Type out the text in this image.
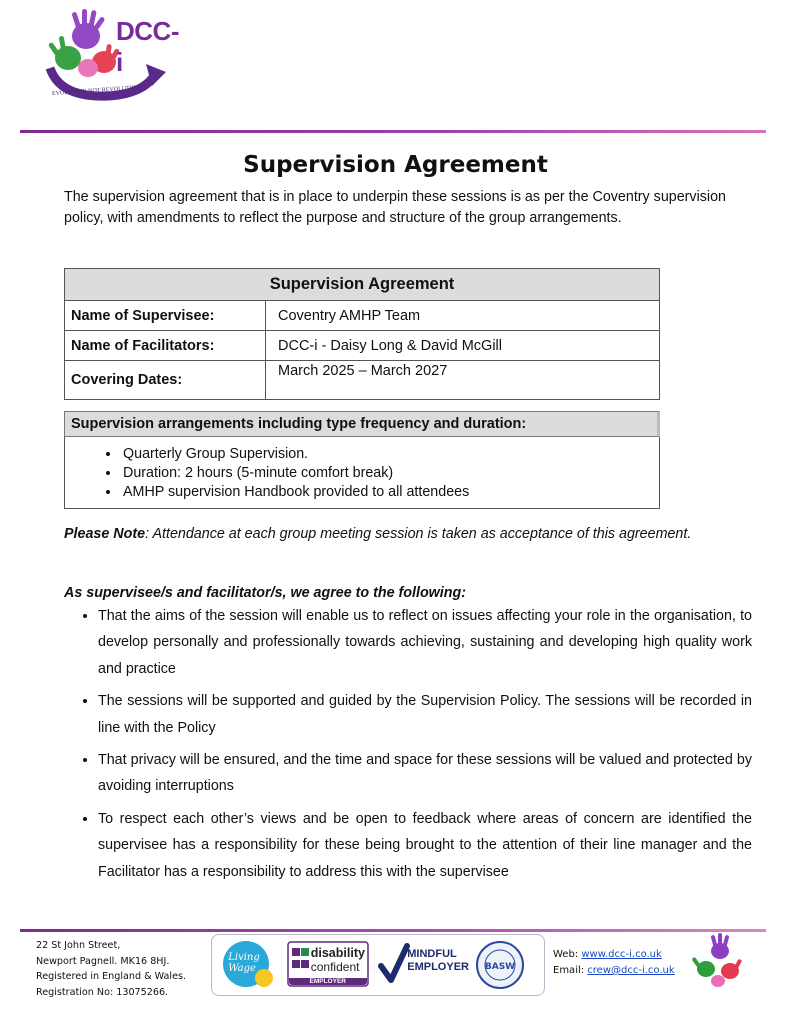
DCC-i
EVOLUTION NOT REVOLUTION
Supervision Agreement
The supervision agreement that is in place to underpin these sessions is as per the Coventry supervision policy, with amendments to reflect the purpose and structure of the group arrangements.
Supervision Agreement	
Name of Supervisee:	Coventry AMHP Team
Name of Facilitators:	DCC-i - Daisy Long & David McGill
Covering Dates:	March 2025 – March 2027
Supervision arrangements including type frequency and duration:
• Quarterly Group Supervision.
• Duration: 2 hours (5-minute comfort break)
• AMHP supervision Handbook provided to all attendees
Please Note: Attendance at each group meeting session is taken as acceptance of this agreement.
As supervisee/s and facilitator/s, we agree to the following:
• That the aims of the session will enable us to reflect on issues affecting your role in the organisation, to develop personally and professionally towards achieving, sustaining and developing high quality work and practice
• The sessions will be supported and guided by the Supervision Policy. The sessions will be recorded in line with the Policy
• That privacy will be ensured, and the time and space for these sessions will be valued and protected by avoiding interruptions
• To respect each other’s views and be open to feedback where areas of concern are identified the supervisee has a responsibility for these being brought to the attention of their line manager and the Facilitator has a responsibility to address this with the supervisee
22 St John Street,
Newport Pagnell. MK16 8HJ.
Registered in England & Wales.
Registration No: 13075266.
Living
Wage
disability
confident
EMPLOYER
MINDFUL
EMPLOYER BASW
Web: www.dcc-i.co.uk
Email: crew@dcc-i.co.uk
